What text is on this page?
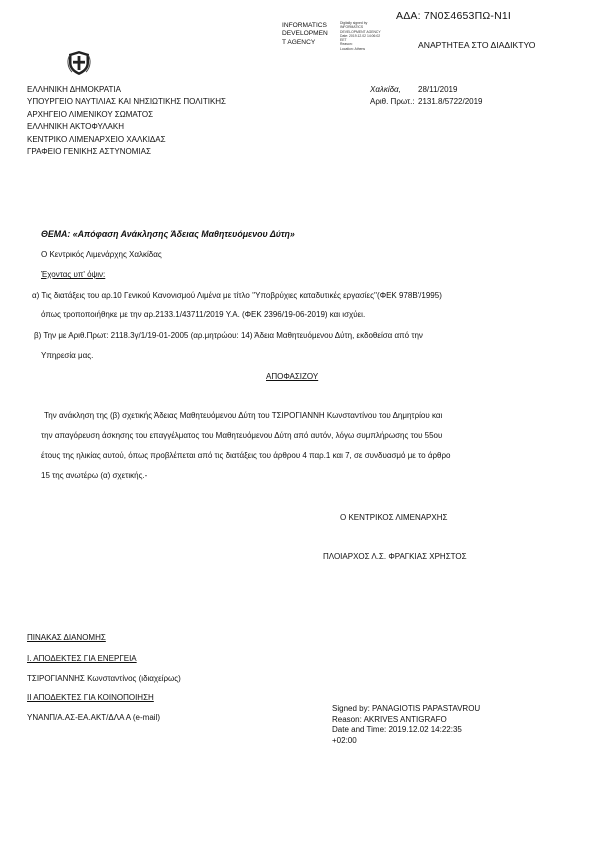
ΑΔΑ: 7Ν0Σ4653ΠΩ-Ν1Ι
INFORMATICS
DEVELOPMEN
T AGENCY
Digitally signed by
INFORMATICS
DEVELOPMENT AGENCY
Date: 2019.12.02 14:06:02
EET
Reason:
Location: Athens	ΑΝΑΡΤΗΤΕΑ ΣΤΟ ΔΙΑΔΙΚΤΥΟ
ΕΛΛΗΝΙΚΗ ΔΗΜΟΚΡΑΤΙΑ
ΥΠΟΥΡΓΕΙΟ ΝΑΥΤΙΛΙΑΣ ΚΑΙ ΝΗΣΙΩΤΙΚΗΣ ΠΟΛΙΤΙΚΗΣ
ΑΡΧΗΓΕΙΟ ΛΙΜΕΝΙΚΟΥ ΣΩΜΑΤΟΣ
ΕΛΛΗΝΙΚΗ ΑΚΤΟΦΥΛΑΚΗ
ΚΕΝΤΡΙΚΟ ΛΙΜΕΝΑΡΧΕΙΟ ΧΑΛΚΙΔΑΣ
ΓΡΑΦΕΙΟ ΓΕΝΙΚΗΣ ΑΣΤΥΝΟΜΙΑΣ
Χαλκίδα, 28/11/2019
Αριθ. Πρωτ.: 2131.8/5722/2019
ΘΕΜΑ: «Απόφαση Ανάκλησης Άδειας Μαθητευόμενου Δύτη»
Ο Κεντρικός Λιμενάρχης Χαλκίδας
Έχοντας υπ' όψιν:
α) Τις διατάξεις του αρ.10 Γενικού Κανονισμού Λιμένα με τίτλο ''Υποβρύχιες καταδυτικές εργασίες''(ΦΕΚ 978Β'/1995)
όπως τροποποιήθηκε με την αρ.2133.1/43711/2019 Υ.Α. (ΦΕΚ 2396/19-06-2019) και ισχύει.
β) Την με Αριθ.Πρωτ: 2118.3γ/1/19-01-2005 (αρ.μητρώου: 14) Άδεια Μαθητευόμενου Δύτη, εκδοθείσα από την
Υπηρεσία μας.
ΑΠΟΦΑΣΙΖΟΥ
Την ανάκληση της (β) σχετικής Άδειας Μαθητευόμενου Δύτη του ΤΣΙΡΟΓΙΑΝΝΗ Κωνσταντίνου του Δημητρίου και
την απαγόρευση άσκησης του επαγγέλματος του Μαθητευόμενου Δύτη από αυτόν, λόγω συμπλήρωσης του 55ου
έτους της ηλικίας αυτού, όπως προβλέπεται από τις διατάξεις του άρθρου 4 παρ.1 και 7, σε συνδυασμό με το άρθρο
15 της ανωτέρω (α) σχετικής.-
Ο ΚΕΝΤΡΙΚΟΣ ΛΙΜΕΝΑΡΧΗΣ
ΠΛΟΙΑΡΧΟΣ Λ.Σ. ΦΡΑΓΚΙΑΣ ΧΡΗΣΤΟΣ
ΠΙΝΑΚΑΣ ΔΙΑΝΟΜΗΣ
Ι. ΑΠΟΔΕΚΤΕΣ ΓΙΑ ΕΝΕΡΓΕΙΑ
ΤΣΙΡΟΓΙΑΝΝΗΣ Κωνσταντίνος (ιδιαχείρως)
ΙΙ ΑΠΟΔΕΚΤΕΣ ΓΙΑ ΚΟΙΝΟΠΟΙΗΣΗ
ΥΝΑΝΠ/Α.ΑΣ-ΕΑ.ΑΚΤ/ΔΛΑ Α (e-mail)
Signed by: PANAGIOTIS PAPASTAVROU
Reason: AKRIVES ANTIGRAFO
Date and Time: 2019.12.02 14:22:35
+02:00
